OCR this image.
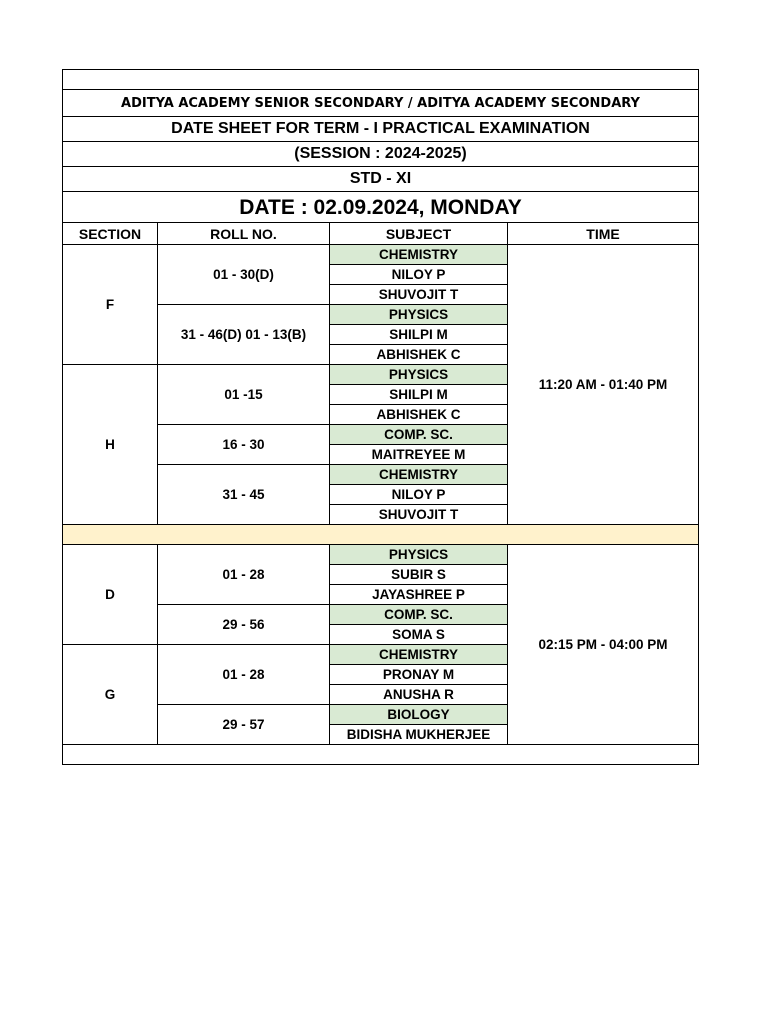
ADITYA ACADEMY SENIOR SECONDARY / ADITYA ACADEMY SECONDARY			
DATE SHEET FOR TERM - I PRACTICAL EXAMINATION			
(SESSION : 2024-2025)			
STD - XI			
DATE : 02.09.2024, MONDAY			
SECTION	ROLL NO.	SUBJECT	TIME
F	01 - 30(D)	CHEMISTRY	11:20 AM - 01:40 PM
		NILOY P	
		SHUVOJIT T	
	31 - 46(D) 01 - 13(B)	PHYSICS	
		SHILPI M	
		ABHISHEK C	
H	01 -15	PHYSICS	
		SHILPI M	
		ABHISHEK C	
	16 - 30	COMP. SC.	
		MAITREYEE M	
	31 - 45	CHEMISTRY	
		NILOY P	
		SHUVOJIT T	

D	01 - 28	PHYSICS	02:15 PM - 04:00 PM
		SUBIR S	
		JAYASHREE P	
	29 - 56	COMP. SC.	
		SOMA S	
G	01 - 28	CHEMISTRY	
		PRONAY M	
		ANUSHA R	
	29 - 57	BIOLOGY	
		BIDISHA MUKHERJEE	
